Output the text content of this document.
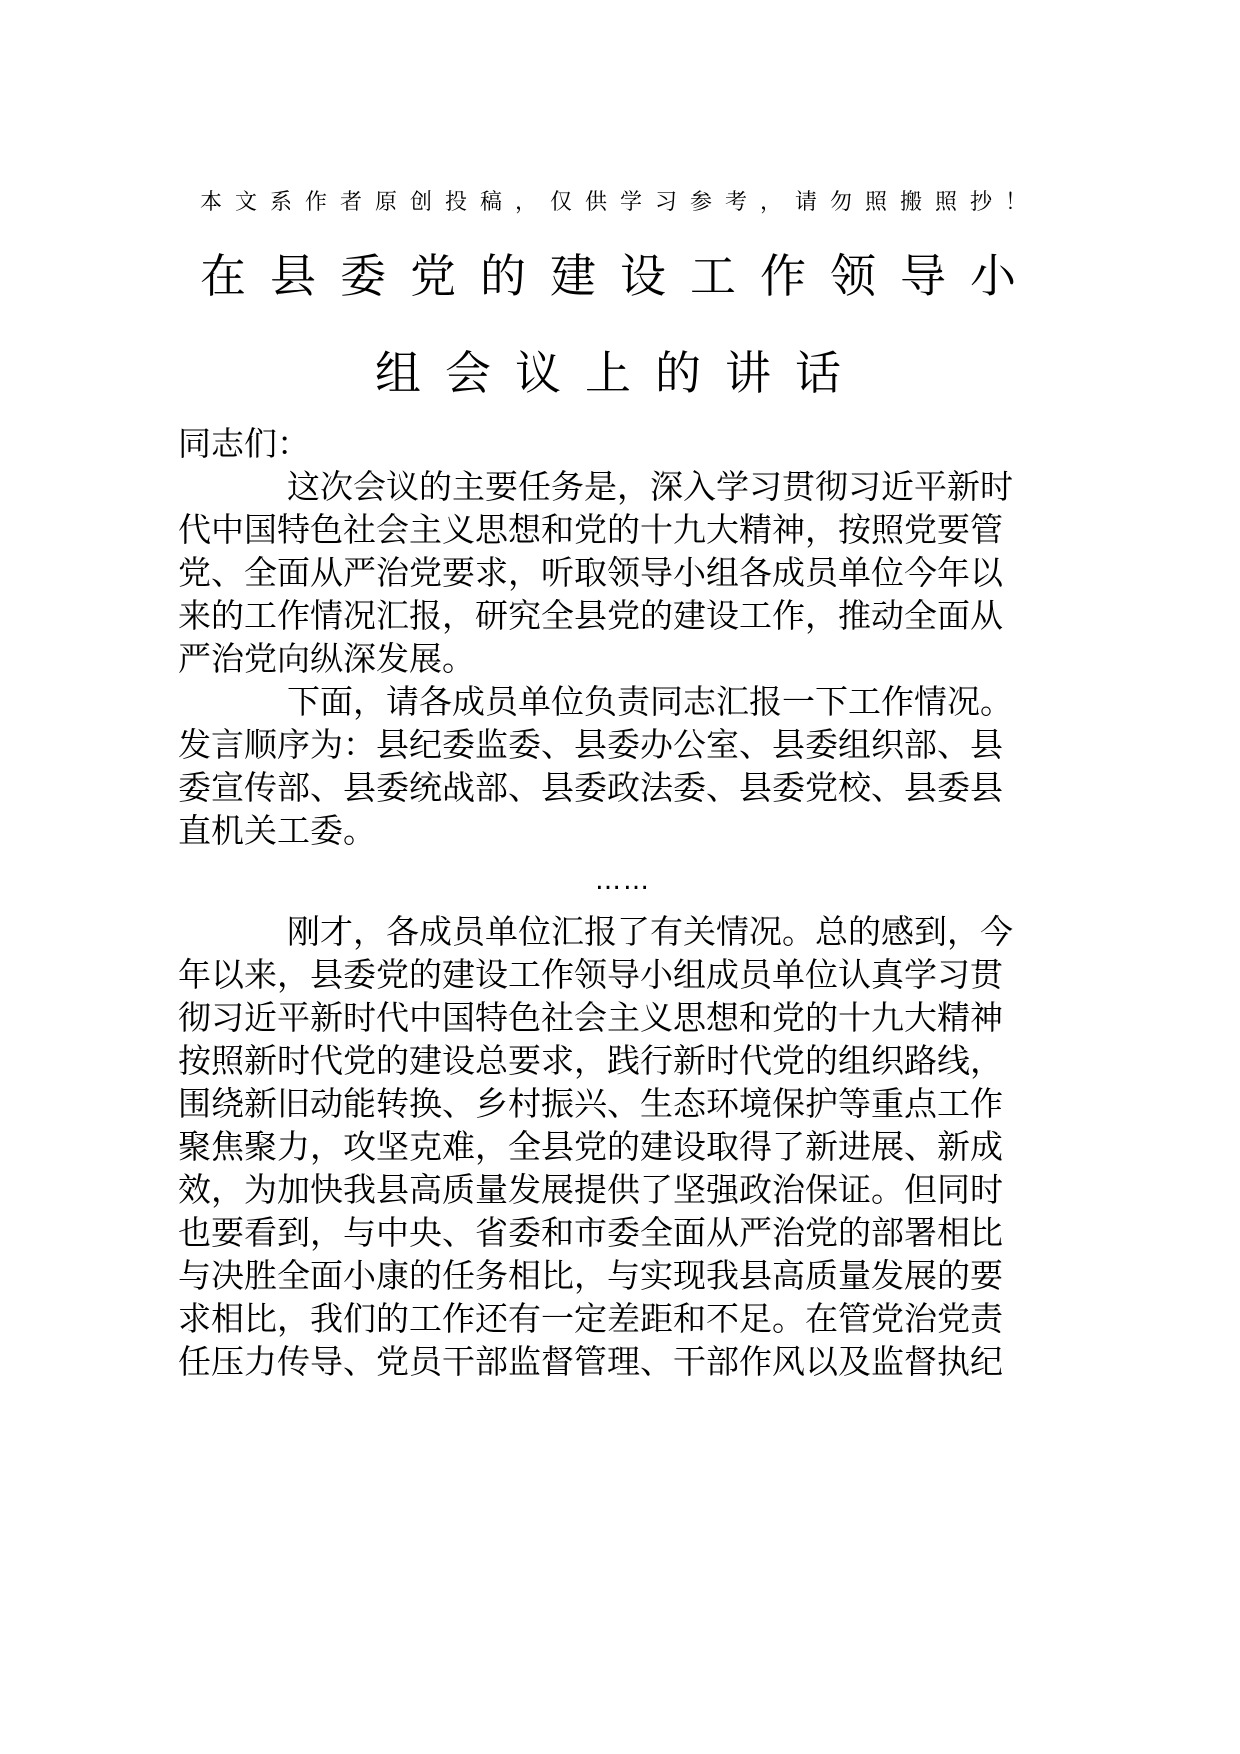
本文系作者原创投稿，仅供学习参考，请勿照搬照抄！
在县委党的建设工作领导小
组会议上的讲话
同志们：
这次会议的主要任务是，深入学习贯彻习近平新时
代中国特色社会主义思想和党的十九大精神，按照党要管
党、全面从严治党要求，听取领导小组各成员单位今年以
来的工作情况汇报，研究全县党的建设工作，推动全面从
严治党向纵深发展。
下面，请各成员单位负责同志汇报一下工作情况。
发言顺序为：县纪委监委、县委办公室、县委组织部、县
委宣传部、县委统战部、县委政法委、县委党校、县委县
直机关工委。
……
刚才，各成员单位汇报了有关情况。总的感到，今
年以来，县委党的建设工作领导小组成员单位认真学习贯
彻习近平新时代中国特色社会主义思想和党的十九大精神
按照新时代党的建设总要求，践行新时代党的组织路线，
围绕新旧动能转换、乡村振兴、生态环境保护等重点工作
聚焦聚力，攻坚克难，全县党的建设取得了新进展、新成
效，为加快我县高质量发展提供了坚强政治保证。但同时
也要看到，与中央、省委和市委全面从严治党的部署相比
与决胜全面小康的任务相比，与实现我县高质量发展的要
求相比，我们的工作还有一定差距和不足。在管党治党责
任压力传导、党员干部监督管理、干部作风以及监督执纪
